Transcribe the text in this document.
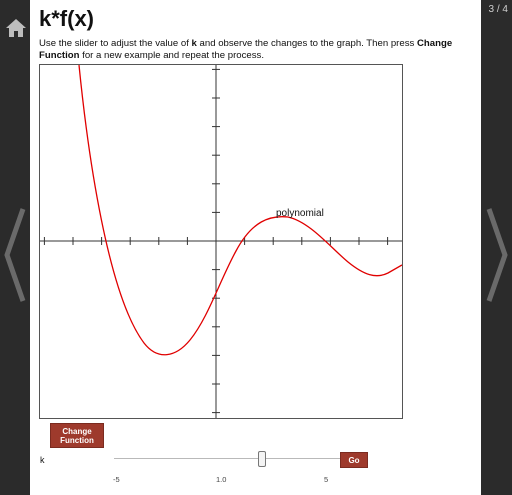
3 / 4
k*f(x)
Use the slider to adjust the value of k and observe the changes to the graph. Then press Change Function for a new example and repeat the process.
polynomial
Change
Function
k	Go
-5	1.0	5
